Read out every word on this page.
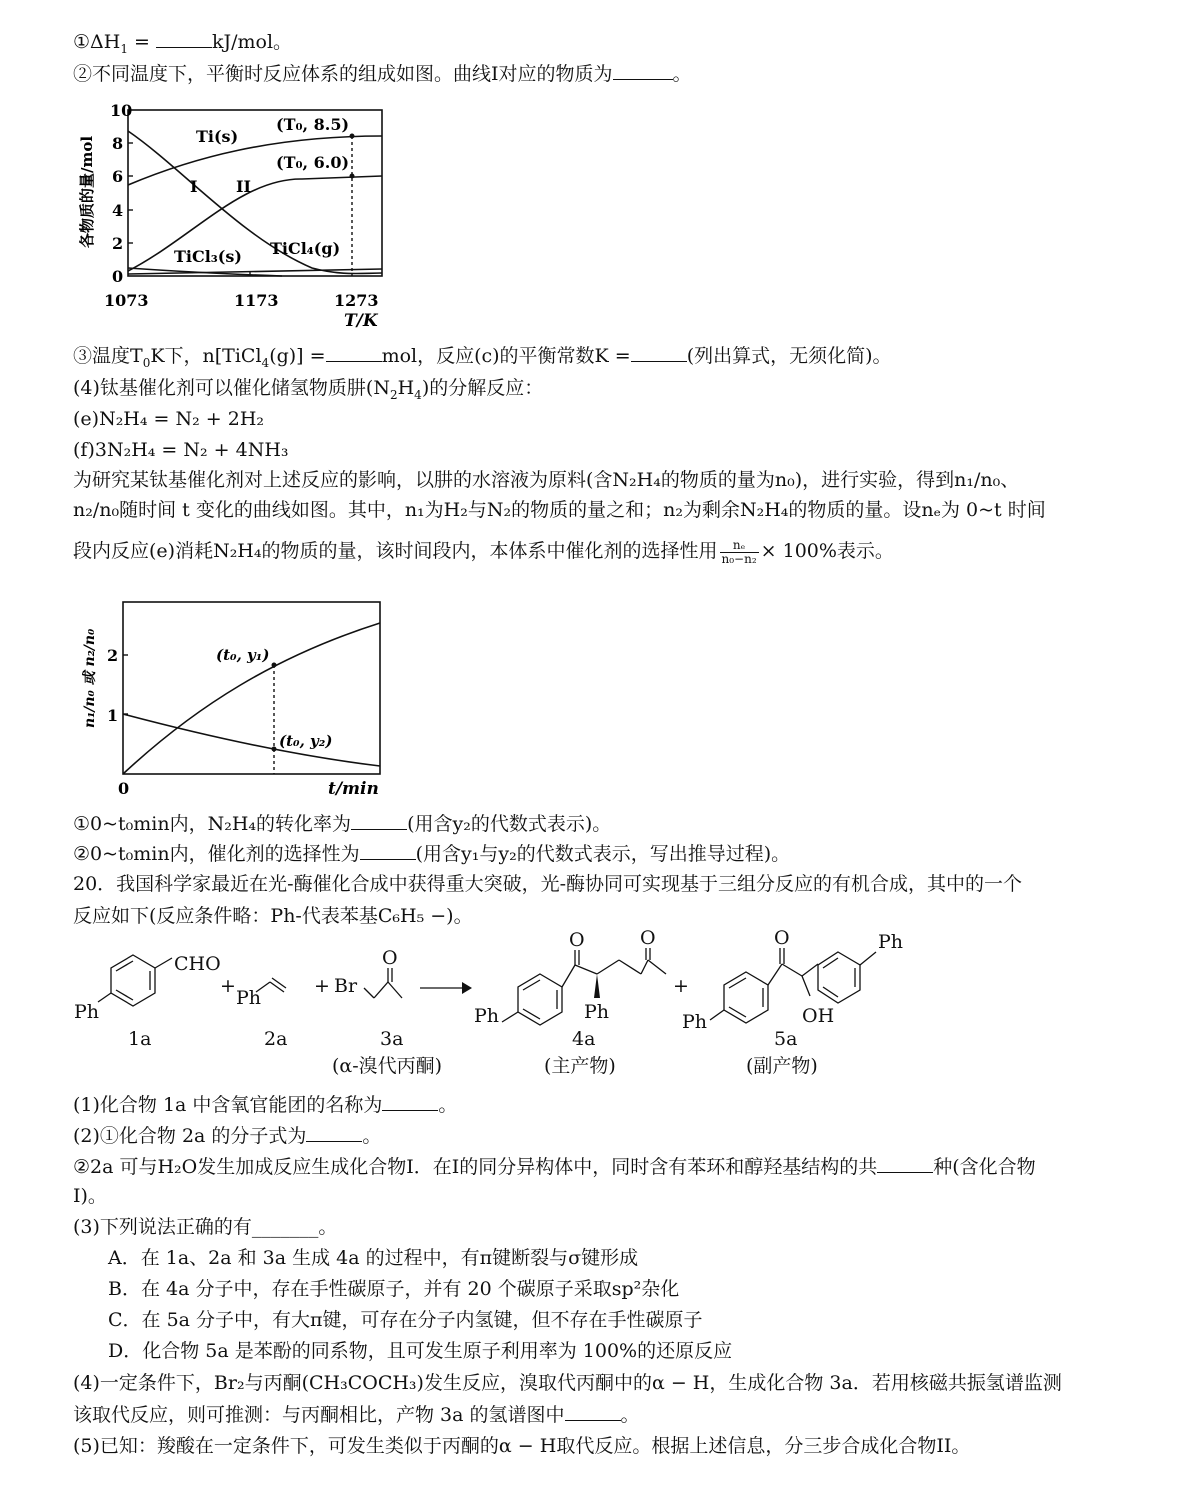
$①\Delta H_1$ =	kJ/mol。
②不同温度下，平衡时反应体系的组成如图。曲线I对应的物质为	。
各物质的量/mol
10
8
6
4
2
0
1073	1173	1273
T/K
Ti(s)
(T₀, 8.5)
(T₀, 6.0)
I II
TiCl₃(s) TiCl₄(g)
③温度$T_0K$下，n[TiCl$_4$(g)] =	mol，反应(c)的平衡常数K =	(列出算式，无须化简)。
(4)钛基催化剂可以催化储氢物质肼$(N_2H_4)$的分解反应：
(e)N₂H₄ = N₂ + 2H₂
(f)3N₂H₄ = N₂ + 4NH₃
为研究某钛基催化剂对上述反应的影响，以肼的水溶液为原料(含N₂H₄的物质的量为n₀)，进行实验，得到n₁/n₀、
n₂/n₀随时间 t 变化的曲线如图。其中，n₁为H₂与N₂的物质的量之和；n₂为剩余N₂H₄的物质的量。设nₑ为 0~t 时间
段内反应(e)消耗N₂H₄的物质的量，该时间段内，本体系中催化剂的选择性用 $\frac{\text{nₑ}}{\text{n₀−n₂}} \times 100\%$表示。
n₁/n₀ 或 n₂/n₀ 2
1
0	t/min
(t₀, y₁)
(t₀, y₂)
①0~t₀min内，N₂H₄的转化率为	(用含y₂的代数式表示)。
②0~t₀min内，催化剂的选择性为	(用含y₁与y₂的代数式表示，写出推导过程)。
20．我国科学家最近在光-酶催化合成中获得重大突破，光-酶协同可实现基于三组分反应的有机合成，其中的一个
反应如下(反应条件略：Ph-代表苯基C₆H₅ −)。
CHO
Ph
+
Ph
+ Br
O
O	O
Ph	Ph
+
O
OH
Ph
Ph
1a	2a	3a	4a	5a
(α-溴代丙酮)	(主产物)	(副产物)
(1)化合物 1a 中含氧官能团的名称为	。
(2)①化合物 2a 的分子式为	。
②2a 可与H₂O发生加成反应生成化合物I．在I的同分异构体中，同时含有苯环和醇羟基结构的共	种(含化合物
I)。
(3)下列说法正确的有_______。
A．在 1a、2a 和 3a 生成 4a 的过程中，有π键断裂与σ键形成
B．在 4a 分子中，存在手性碳原子，并有 20 个碳原子采取sp²杂化
C．在 5a 分子中，有大π键，可存在分子内氢键，但不存在手性碳原子
D．化合物 5a 是苯酚的同系物，且可发生原子利用率为 100%的还原反应
(4)一定条件下，Br₂与丙酮(CH₃COCH₃)发生反应，溴取代丙酮中的α − H，生成化合物 3a．若用核磁共振氢谱监测
该取代反应，则可推测：与丙酮相比，产物 3a 的氢谱图中	。
(5)已知：羧酸在一定条件下，可发生类似于丙酮的α − H取代反应。根据上述信息，分三步合成化合物II。
